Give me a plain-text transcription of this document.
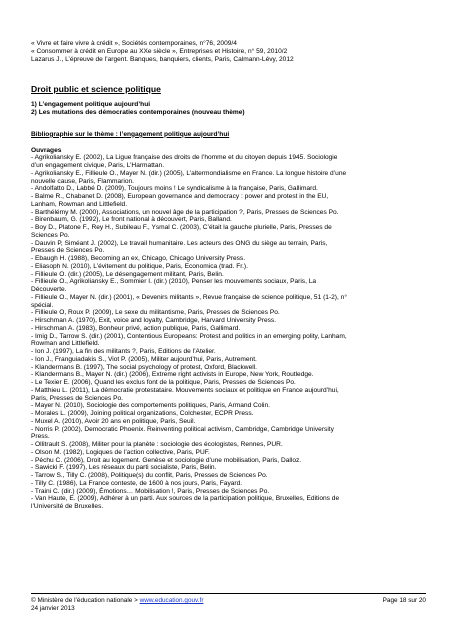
« Vivre et faire vivre à crédit », Sociétés contemporaines, n°76, 2009/4
« Consommer à crédit en Europe au XXe siècle », Entreprises et Histoire, n° 59, 2010/2
Lazarus J., L’épreuve de l’argent. Banques, banquiers, clients, Paris, Calmann-Lévy, 2012
Droit public et science politique
1) L’engagement politique aujourd’hui
2) Les mutations des démocraties contemporaines (nouveau thème)
Bibliographie sur le thème : l’engagement politique aujourd’hui
Ouvrages
- Agrikoliansky E. (2002), La Ligue française des droits de l’homme et du citoyen depuis 1945. Sociologie
d’un engagement civique, Paris, L’Harmattan.
- Agrikoliansky E., Fillieule O., Mayer N. (dir.) (2005), L’altermondialisme en France. La longue histoire d’une
nouvelle cause, Paris, Flammarion.
- Andolfatto D., Labbé D. (2009), Toujours moins ! Le syndicalisme à la française, Paris, Gallimard.
- Balme R., Chabanet D. (2008), European governance and democracy : power and protest in the EU,
Lanham, Rowman and Littlefield.
- Barthélémy M. (2000), Associations, un nouvel âge de la participation ?, Paris, Presses de Sciences Po.
- Birenbaum, G. (1992), Le front national à découvert, Paris, Balland.
- Boy D., Platone F., Rey H., Subileau F., Ysmal C. (2003), C’était la gauche plurielle, Paris, Presses de
Sciences Po.
- Dauvin P, Siméant J. (2002), Le travail humanitaire. Les acteurs des ONG du siège au terrain, Paris,
Presses de Sciences Po.
- Ebaugh H. (1988), Becoming an ex, Chicago, Chicago University Press.
- Eliasoph N. (2010), L’évitement du politique, Paris, Economica (trad. Fr.).
- Fillieule O. (dir.) (2005), Le désengagement militant, Paris, Belin.
- Fillieule O., Agrikoliansky E., Sommier I. (dir.) (2010), Penser les mouvements sociaux, Paris, La
Découverte.
- Fillieule O., Mayer N. (dir.) (2001), « Devenirs militants », Revue française de science politique, 51 (1-2), n°
spécial.
- Fillieule O, Roux P. (2009), Le sexe du militantisme, Paris, Presses de Sciences Po.
- Hirschman A. (1970), Exit, voice and loyalty, Cambridge, Harvard University Press.
- Hirschman A. (1983), Bonheur privé, action publique, Paris, Gallimard.
- Imig D., Tarrow S. (dir.) (2001), Contentious Europeans: Protest and politics in an emerging polity, Lanham,
Rowman and Littlefield.
- Ion J. (1997), La fin des militants ?, Paris, Editions de l’Atelier.
- Ion J., Franguiadakis S., Viot P. (2005), Militer aujourd’hui, Paris, Autrement.
- Klandermans B. (1997), The social psychology of protest, Oxford, Blackwell.
- Klandermans B., Mayer N. (dir.) (2006), Extreme right activists in Europe, New York, Routledge.
- Le Texier E. (2006), Quand les exclus font de la politique, Paris, Presses de Sciences Po.
- Matthieu L. (2011), La démocratie protestataire. Mouvements sociaux et politique en France aujourd’hui,
Paris, Presses de Sciences Po.
- Mayer N. (2010), Sociologie des comportements politiques, Paris, Armand Colin.
- Morales L. (2009), Joining political organizations, Colchester, ECPR Press.
- Muxel A. (2010), Avoir 20 ans en politique, Paris, Seuil.
- Norris P. (2002), Democratic Phoenix. Reinventing political activism, Cambridge, Cambridge University
Press.
- Ollitrault S. (2008), Militer pour la planète : sociologie des écologistes, Rennes, PUR.
- Olson M. (1982), Logiques de l’action collective, Paris, PUF.
- Péchu C. (2006), Droit au logement. Genèse et sociologie d’une mobilisation, Paris, Dalloz.
- Sawicki F. (1997), Les réseaux du parti socialiste, Paris, Belin.
- Tarrow S., Tilly C. (2008), Politique(s) du conflit, Paris, Presses de Sciences Po.
- Tilly C. (1986), La France conteste, de 1600 à nos jours, Paris, Fayard.
- Traini C. (dir.) (2009), Émotions… Mobilisation !, Paris, Presses de Sciences Po.
- Van Haute, E. (2009), Adhérer à un parti. Aux sources de la participation politique, Bruxelles, Editions de
l’Université de Bruxelles.
© Ministère de l’éducation nationale > www.education.gouv.fr	Page 18 sur 20
24 janvier 2013
